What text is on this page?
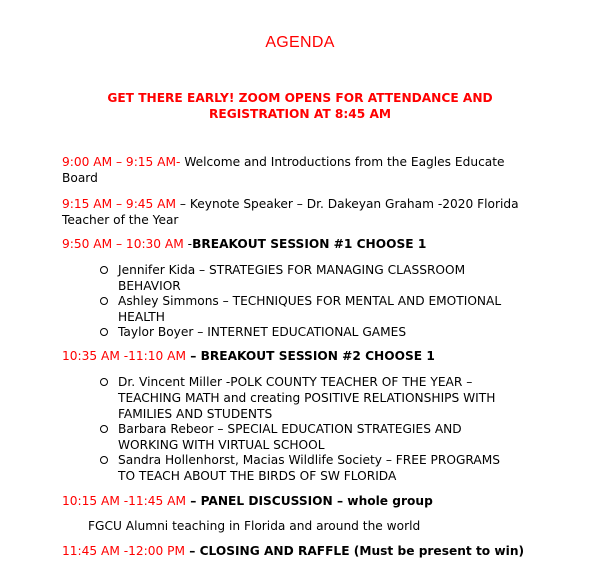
AGENDA
GET THERE EARLY! ZOOM OPENS FOR ATTENDANCE AND
REGISTRATION AT 8:45 AM
9:00 AM – 9:15 AM- Welcome and Introductions from the Eagles Educate
Board
9:15 AM – 9:45 AM – Keynote Speaker – Dr. Dakeyan Graham -2020 Florida
Teacher of the Year
9:50 AM – 10:30 AM -BREAKOUT SESSION #1 CHOOSE 1
Jennifer Kida – STRATEGIES FOR MANAGING CLASSROOM
BEHAVIOR
Ashley Simmons – TECHNIQUES FOR MENTAL AND EMOTIONAL
HEALTH
Taylor Boyer – INTERNET EDUCATIONAL GAMES
10:35 AM -11:10 AM – BREAKOUT SESSION #2 CHOOSE 1
Dr. Vincent Miller -POLK COUNTY TEACHER OF THE YEAR –
TEACHING MATH and creating POSITIVE RELATIONSHIPS WITH
FAMILIES AND STUDENTS
Barbara Rebeor – SPECIAL EDUCATION STRATEGIES AND
WORKING WITH VIRTUAL SCHOOL
Sandra Hollenhorst, Macias Wildlife Society – FREE PROGRAMS
TO TEACH ABOUT THE BIRDS OF SW FLORIDA
10:15 AM -11:45 AM – PANEL DISCUSSION – whole group
FGCU Alumni teaching in Florida and around the world
11:45 AM -12:00 PM – CLOSING AND RAFFLE (Must be present to win)
